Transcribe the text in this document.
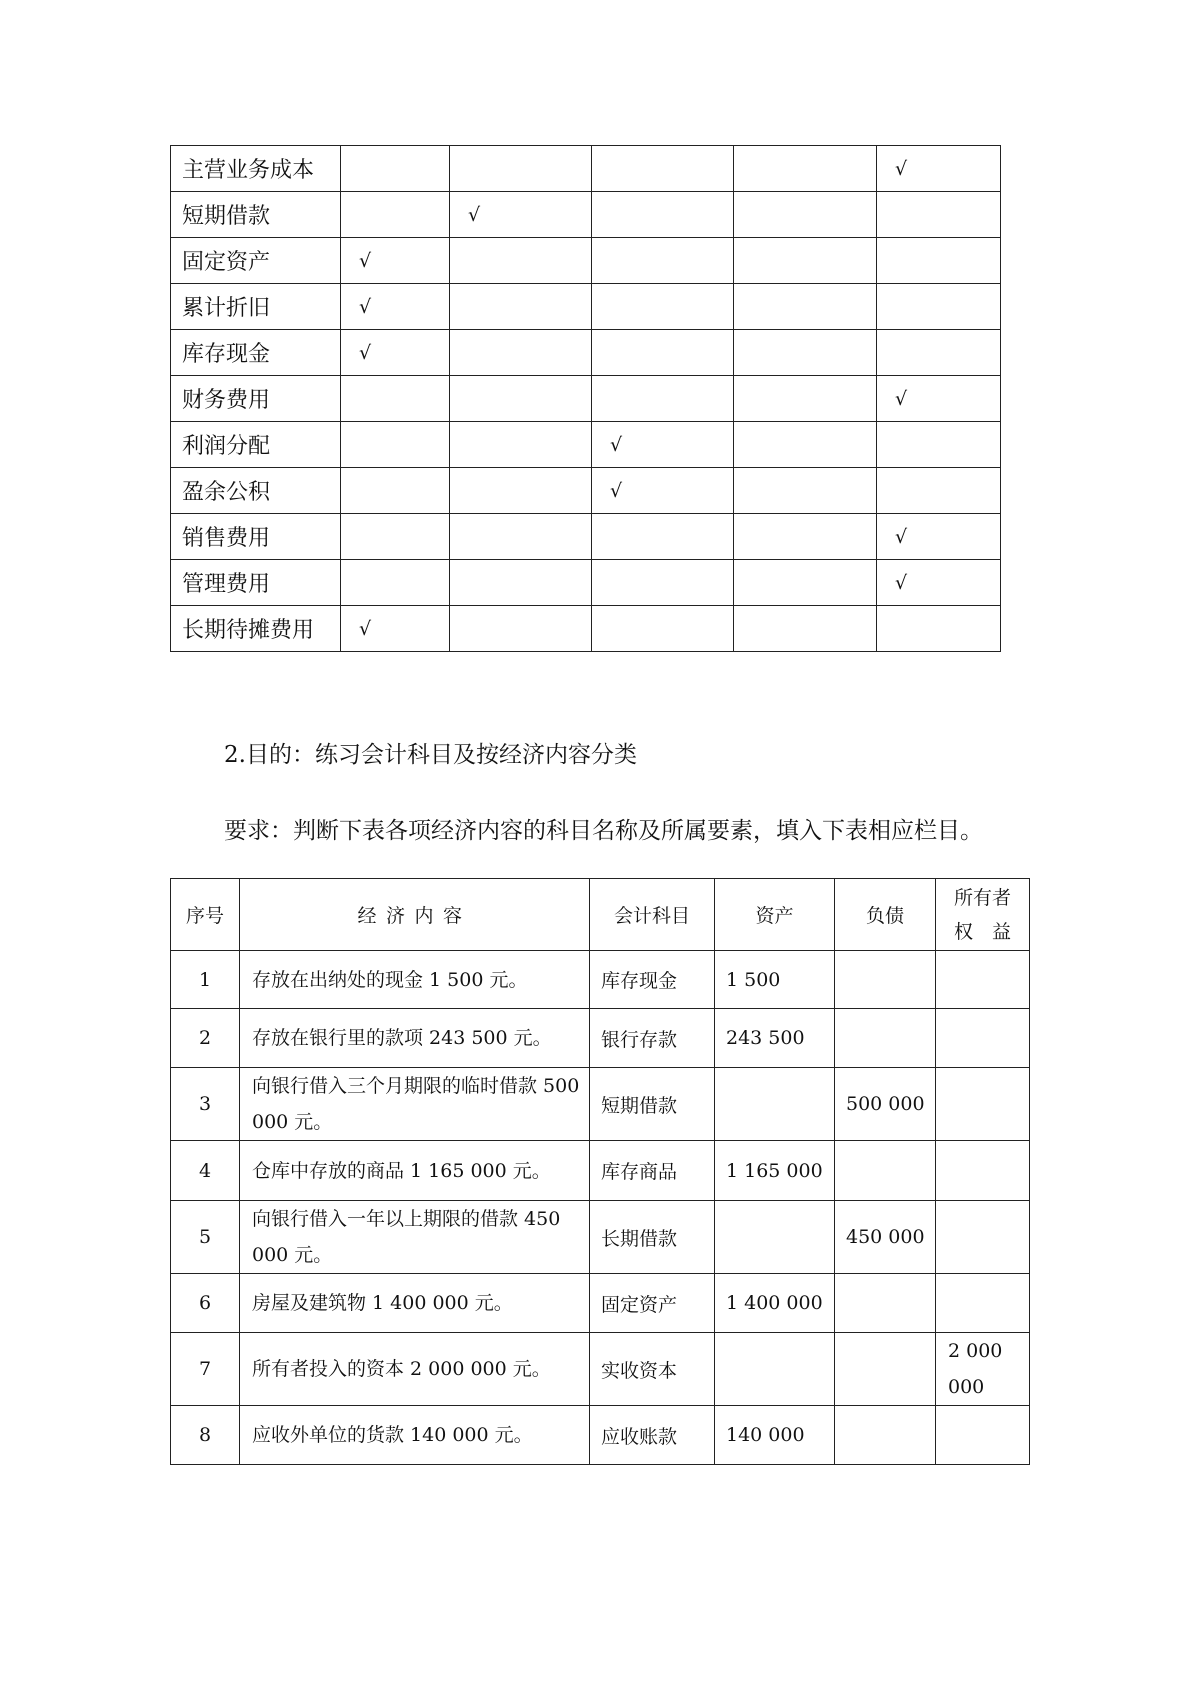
主营业务成本					√
短期借款		√			
固定资产	√				
累计折旧	√				
库存现金	√				
财务费用					√
利润分配			√		
盈余公积			√		
销售费用					√
管理费用					√
长期待摊费用	√				
2.目的：练习会计科目及按经济内容分类
要求：判断下表各项经济内容的科目名称及所属要素，填入下表相应栏目。
序号	经济内容	会计科目	资产	负债	所有者
权　益

1	存放在出纳处的现金 1 500 元。	库存现金	1 500		
2	存放在银行里的款项 243 500 元。	银行存款	243 500		
3	向银行借入三个月期限的临时借款 500 000 元。	短期借款		500 000	
4	仓库中存放的商品 1 165 000 元。	库存商品	1 165 000		
5	向银行借入一年以上期限的借款 450 000 元。	长期借款		450 000	
6	房屋及建筑物 1 400 000 元。	固定资产	1 400 000		
7	所有者投入的资本 2 000 000 元。	实收资本			2 000 000
8	应收外单位的货款 140 000 元。	应收账款	140 000		
